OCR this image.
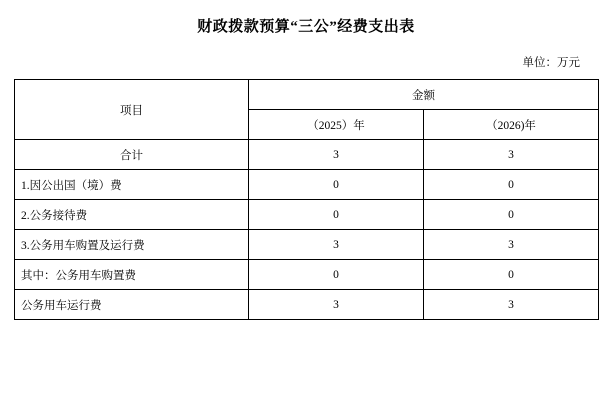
财政拨款预算“三公”经费支出表
单位：万元
项目	金额	
	（2025）年	（2026)年
合计	3	3
1.因公出国（境）费	0	0
2.公务接待费	0	0
3.公务用车购置及运行费	3	3
其中：公务用车购置费	0	0
公务用车运行费	3	3
